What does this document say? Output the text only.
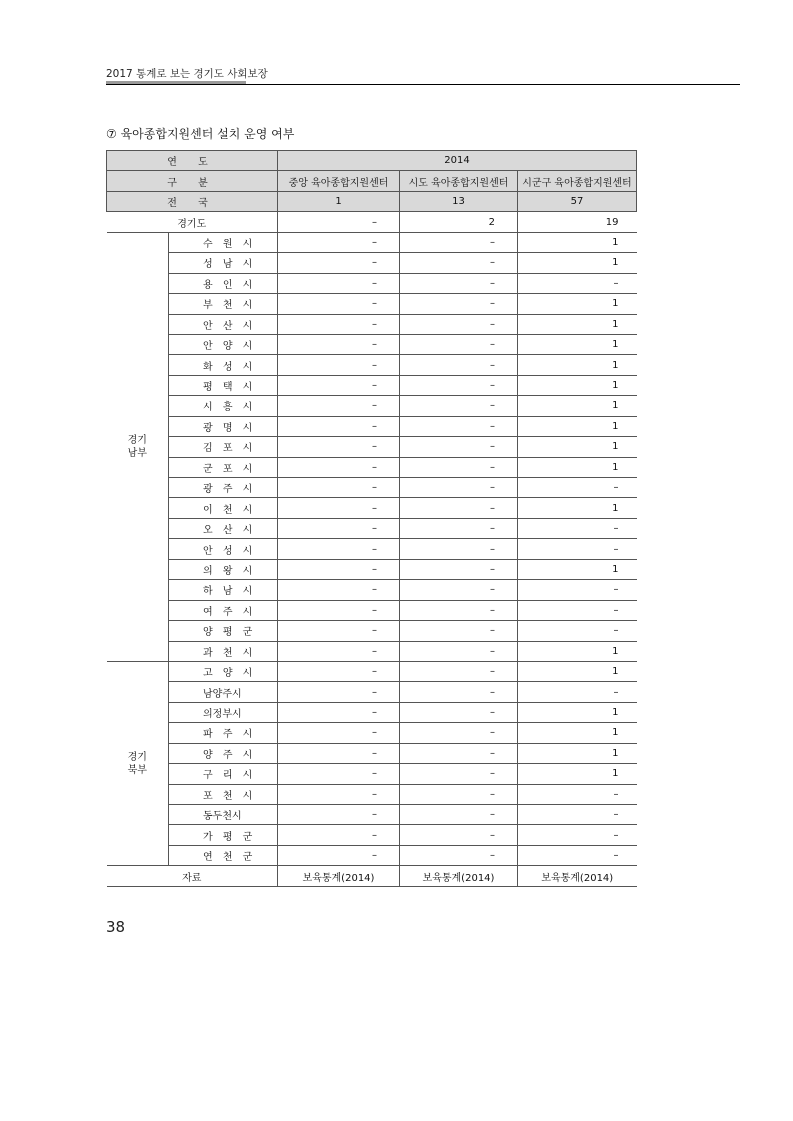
2017 통계로 보는 경기도 사회보장
⑦ 육아종합지원센터 설치 운영 여부
연 도		2014		
구 분		중앙 육아종합지원센터	시도 육아종합지원센터	시군구 육아종합지원센터
전 국		1	13	57
경기도		–	2	19
경기
남부	수 원 시	–	–	1
	성 남 시	–	–	1
	용 인 시	–	–	–
	부 천 시	–	–	1
	안 산 시	–	–	1
	안 양 시	–	–	1
	화 성 시	–	–	1
	평 택 시	–	–	1
	시 흥 시	–	–	1
	광 명 시	–	–	1
	김 포 시	–	–	1
	군 포 시	–	–	1
	광 주 시	–	–	–
	이 천 시	–	–	1
	오 산 시	–	–	–
	안 성 시	–	–	–
	의 왕 시	–	–	1
	하 남 시	–	–	–
	여 주 시	–	–	–
	양 평 군	–	–	–
	과 천 시	–	–	1
경기
북부	고 양 시	–	–	1
	남양주시	–	–	–
	의정부시	–	–	1
	파 주 시	–	–	1
	양 주 시	–	–	1
	구 리 시	–	–	1
	포 천 시	–	–	–
	동두천시	–	–	–
	가 평 군	–	–	–
	연 천 군	–	–	–
자료		보육통계(2014)	보육통계(2014)	보육통계(2014)
38
